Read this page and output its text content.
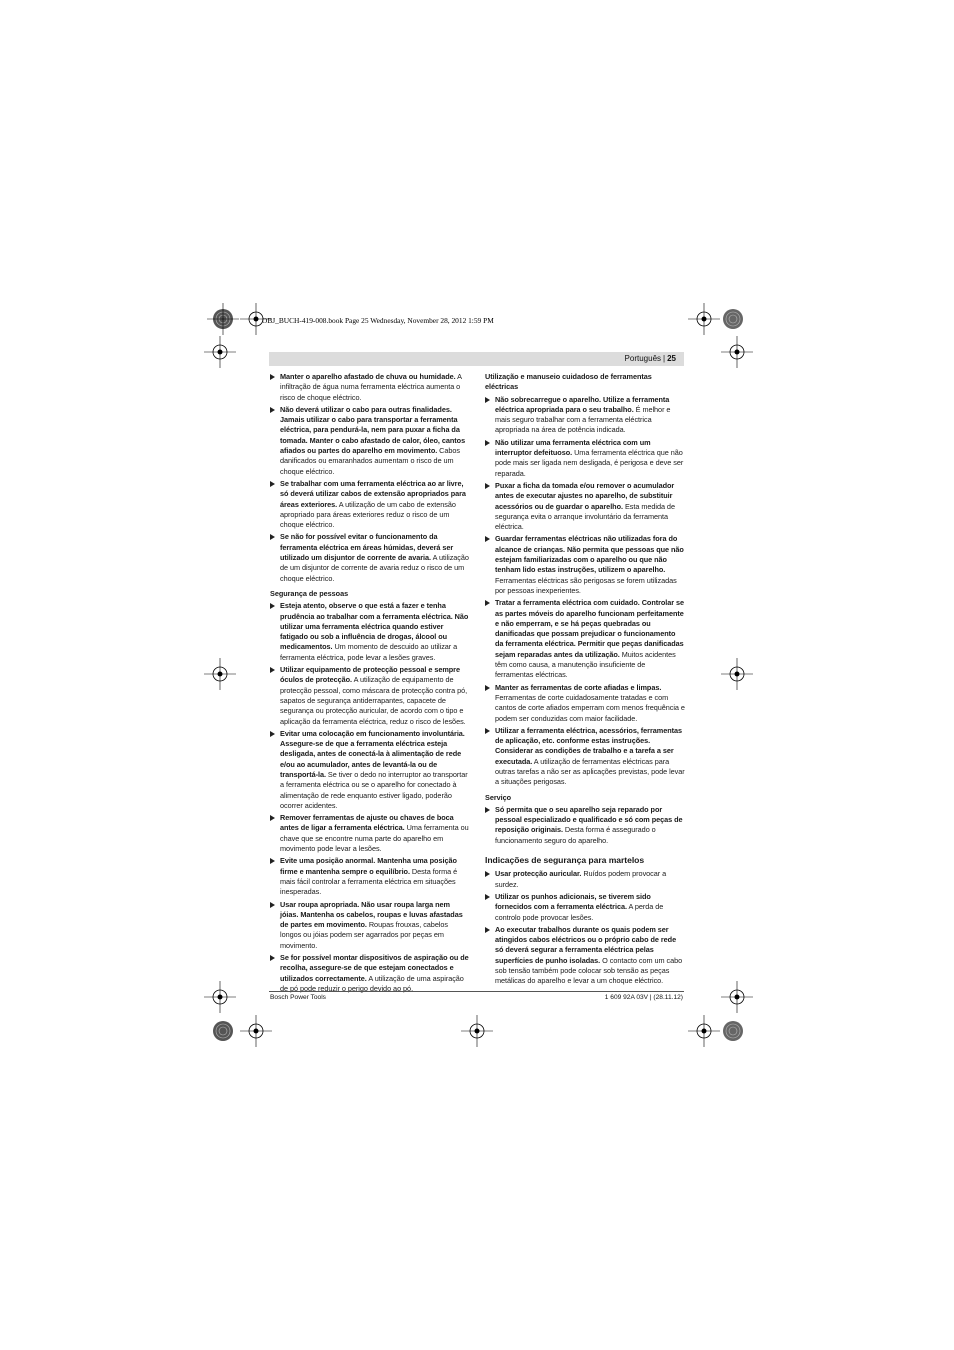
OBJ_BUCH-419-008.book Page 25 Wednesday, November 28, 2012 1:59 PM
Português | 25
Manter o aparelho afastado de chuva ou humidade. A infiltração de água numa ferramenta eléctrica aumenta o risco de choque eléctrico.
Não deverá utilizar o cabo para outras finalidades. Jamais utilizar o cabo para transportar a ferramenta eléctrica, para pendurá-la, nem para puxar a ficha da tomada. Manter o cabo afastado de calor, óleo, cantos afiados ou partes do aparelho em movimento. Cabos danificados ou emaranhados aumentam o risco de um choque eléctrico.
Se trabalhar com uma ferramenta eléctrica ao ar livre, só deverá utilizar cabos de extensão apropriados para áreas exteriores. A utilização de um cabo de extensão apropriado para áreas exteriores reduz o risco de um choque eléctrico.
Se não for possível evitar o funcionamento da ferramenta eléctrica em áreas húmidas, deverá ser utilizado um disjuntor de corrente de avaria. A utilização de um disjuntor de corrente de avaria reduz o risco de um choque eléctrico.
Segurança de pessoas
Esteja atento, observe o que está a fazer e tenha prudência ao trabalhar com a ferramenta eléctrica. Não utilizar uma ferramenta eléctrica quando estiver fatigado ou sob a influência de drogas, álcool ou medicamentos. Um momento de descuido ao utilizar a ferramenta eléctrica, pode levar a lesões graves.
Utilizar equipamento de protecção pessoal e sempre óculos de protecção. A utilização de equipamento de protecção pessoal, como máscara de protecção contra pó, sapatos de segurança antiderrapantes, capacete de segurança ou protecção auricular, de acordo com o tipo e aplicação da ferramenta eléctrica, reduz o risco de lesões.
Evitar uma colocação em funcionamento involuntária. Assegure-se de que a ferramenta eléctrica esteja desligada, antes de conectá-la à alimentação de rede e/ou ao acumulador, antes de levantá-la ou de transportá-la. Se tiver o dedo no interruptor ao transportar a ferramenta eléctrica ou se o aparelho for conectado à alimentação de rede enquanto estiver ligado, poderão ocorrer acidentes.
Remover ferramentas de ajuste ou chaves de boca antes de ligar a ferramenta eléctrica. Uma ferramenta ou chave que se encontre numa parte do aparelho em movimento pode levar a lesões.
Evite uma posição anormal. Mantenha uma posição firme e mantenha sempre o equilíbrio. Desta forma é mais fácil controlar a ferramenta eléctrica em situações inesperadas.
Usar roupa apropriada. Não usar roupa larga nem jóias. Mantenha os cabelos, roupas e luvas afastadas de partes em movimento. Roupas frouxas, cabelos longos ou jóias podem ser agarrados por peças em movimento.
Se for possível montar dispositivos de aspiração ou de recolha, assegure-se de que estejam conectados e utilizados correctamente. A utilização de uma aspiração de pó pode reduzir o perigo devido ao pó.
Utilização e manuseio cuidadoso de ferramentas eléctricas
Não sobrecarregue o aparelho. Utilize a ferramenta eléctrica apropriada para o seu trabalho. É melhor e mais seguro trabalhar com a ferramenta eléctrica apropriada na área de potência indicada.
Não utilizar uma ferramenta eléctrica com um interruptor defeituoso. Uma ferramenta eléctrica que não pode mais ser ligada nem desligada, é perigosa e deve ser reparada.
Puxar a ficha da tomada e/ou remover o acumulador antes de executar ajustes no aparelho, de substituir acessórios ou de guardar o aparelho. Esta medida de segurança evita o arranque involuntário da ferramenta eléctrica.
Guardar ferramentas eléctricas não utilizadas fora do alcance de crianças. Não permita que pessoas que não estejam familiarizadas com o aparelho ou que não tenham lido estas instruções, utilizem o aparelho. Ferramentas eléctricas são perigosas se forem utilizadas por pessoas inexperientes.
Tratar a ferramenta eléctrica com cuidado. Controlar se as partes móveis do aparelho funcionam perfeitamente e não emperram, e se há peças quebradas ou danificadas que possam prejudicar o funcionamento da ferramenta eléctrica. Permitir que peças danificadas sejam reparadas antes da utilização. Muitos acidentes têm como causa, a manutenção insuficiente de ferramentas eléctricas.
Manter as ferramentas de corte afiadas e limpas. Ferramentas de corte cuidadosamente tratadas e com cantos de corte afiados emperram com menos frequência e podem ser conduzidas com maior facilidade.
Utilizar a ferramenta eléctrica, acessórios, ferramentas de aplicação, etc. conforme estas instruções. Considerar as condições de trabalho e a tarefa a ser executada. A utilização de ferramentas eléctricas para outras tarefas a não ser as aplicações previstas, pode levar a situações perigosas.
Serviço
Só permita que o seu aparelho seja reparado por pessoal especializado e qualificado e só com peças de reposição originais. Desta forma é assegurado o funcionamento seguro do aparelho.
Indicações de segurança para martelos
Usar protecção auricular. Ruídos podem provocar a surdez.
Utilizar os punhos adicionais, se tiverem sido fornecidos com a ferramenta eléctrica. A perda de controlo pode provocar lesões.
Ao executar trabalhos durante os quais podem ser atingidos cabos eléctricos ou o próprio cabo de rede só deverá segurar a ferramenta eléctrica pelas superfícies de punho isoladas. O contacto com um cabo sob tensão também pode colocar sob tensão as peças metálicas do aparelho e levar a um choque eléctrico.
Bosch Power Tools	1 609 92A 03V | (28.11.12)
